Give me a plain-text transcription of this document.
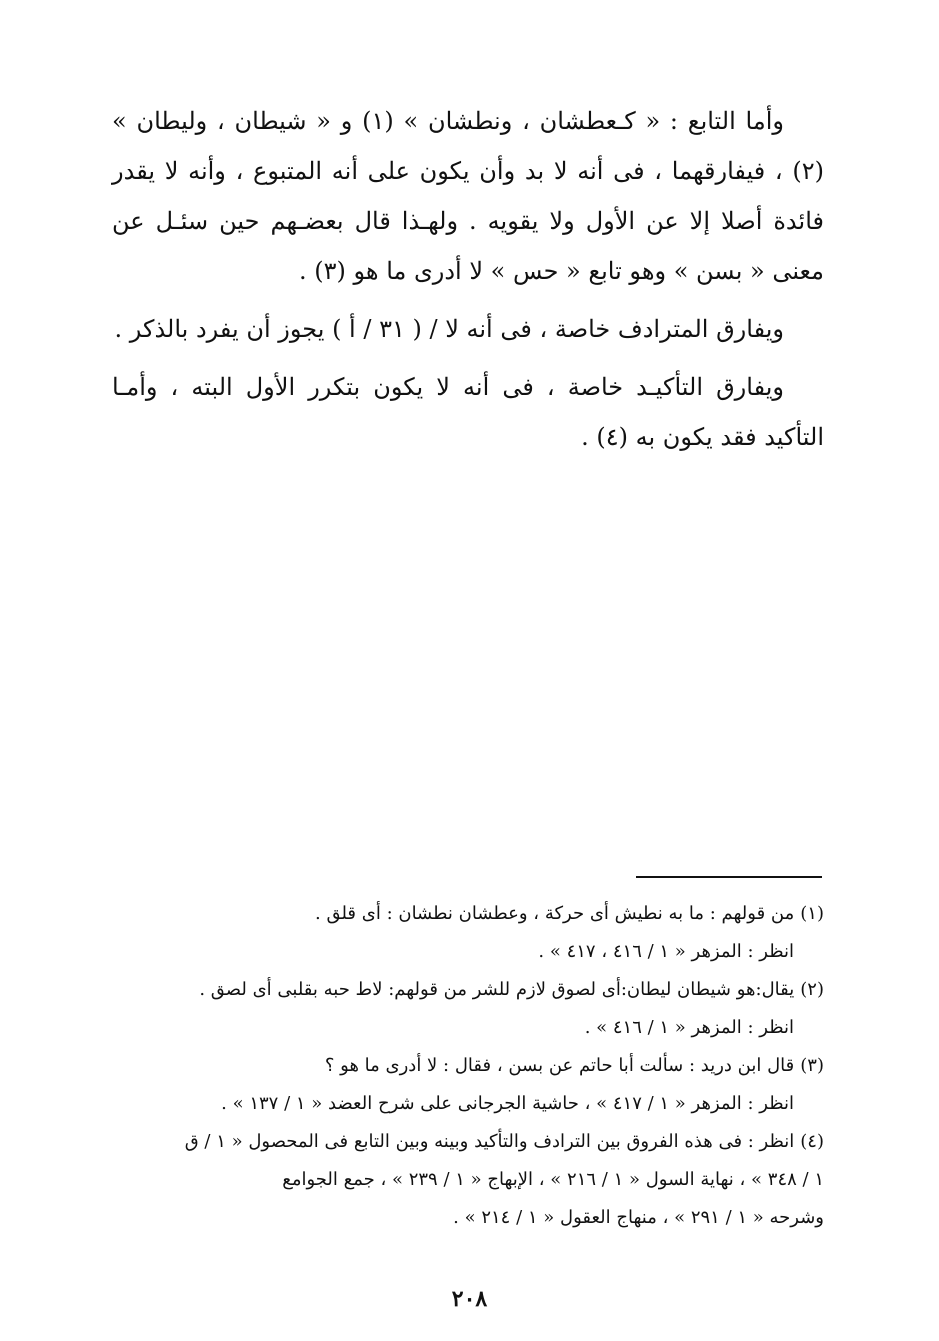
وأما التابع : « كـعطشان ، ونطشان » (١) و « شيطان ، وليطان » (٢) ، فيفارقهما ، فى أنه لا بد وأن يكون على أنه المتبوع ، وأنه لا يقدر فائدة أصلا إلا عن الأول ولا يقويه . ولهـذا قال بعضـهم حين سئـل عن معنى « بسن » وهو تابع « حس » لا أدرى ما هو (٣) .

ويفارق المترادف خاصة ، فى أنه لا / ( ٣١ / أ ) يجوز أن يفرد بالذكر .

ويفارق التأكيـد خاصة ، فى أنه لا يكون بتكرر الأول البته ، وأمـا التأكيد فقد يكون به (٤) .

(١)من قولهم : ما به نطيش أى حركة ، وعطشان نطشان : أى قلق .
انظر : المزهر « ١ / ٤١٦ ، ٤١٧ » .
(٢)يقال:هو شيطان ليطان:أى لصوق لازم للشر من قولهم: لاط حبه بقلبى أى لصق .
انظر : المزهر « ١ / ٤١٦ » .
(٣)قال ابن دريد : سألت أبا حاتم عن بسن ، فقال : لا أدرى ما هو ؟
انظر : المزهر « ١ / ٤١٧ » ، حاشية الجرجانى على شرح العضد « ١ / ١٣٧ » .
(٤)انظر : فى هذه الفروق بين الترادف والتأكيد وبينه وبين التابع فى المحصول « ١ / ق
١ / ٣٤٨ » ، نهاية السول « ١ / ٢١٦ » ، الإبهاج « ١ / ٢٣٩ » ، جمع الجوامع
وشرحه « ١ / ٢٩١ » ، منهاج العقول « ١ / ٢١٤ » .
٢٠٨
